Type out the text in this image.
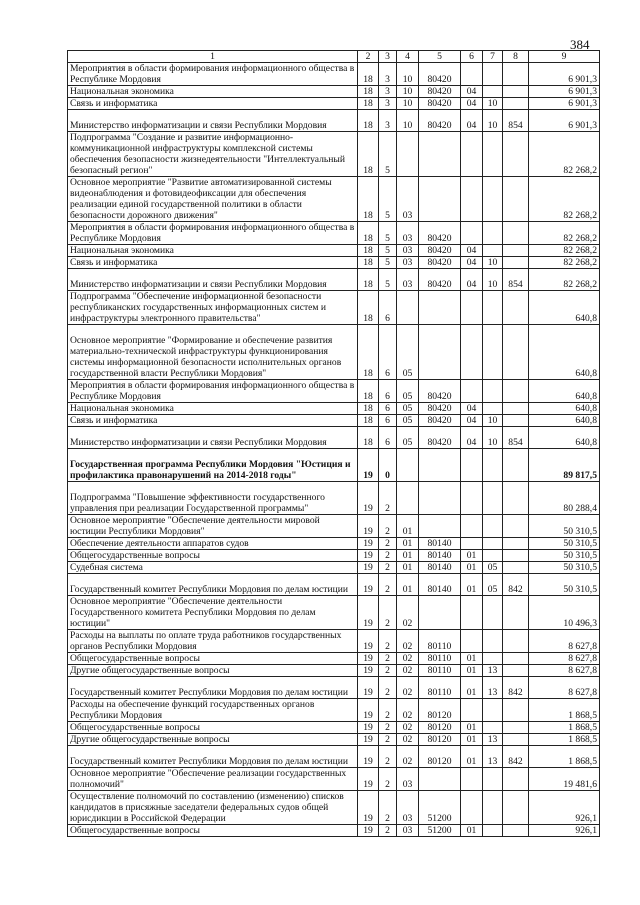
384
1	2	3	4	5	6	7	8	9
Мероприятия в области формирования информационного общества в Республике Мордовия	18	3	10	80420				6 901,3
Национальная экономика	18	3	10	80420	04			6 901,3
Связь и информатика	18	3	10	80420	04	10		6 901,3
Министерство информатизации и связи Республики Мордовия	18	3	10	80420	04	10	854	6 901,3
Подпрограмма "Создание и развитие информационно-коммуникационной инфраструктуры комплексной системы обеспечения безопасности жизнедеятельности "Интеллектуальный безопасный регион"	18	5						82 268,2
Основное мероприятие "Развитие автоматизированной системы видеонаблюдения и фотовидеофиксации для обеспечения реализации единой государственной политики в области безопасности дорожного движения"	18	5	03					82 268,2
Мероприятия в области формирования информационного общества в Республике Мордовия	18	5	03	80420				82 268,2
Национальная экономика	18	5	03	80420	04			82 268,2
Связь и информатика	18	5	03	80420	04	10		82 268,2
Министерство информатизации и связи Республики Мордовия	18	5	03	80420	04	10	854	82 268,2
Подпрограмма "Обеспечение информационной безопасности республиканских государственных информационных систем и инфраструктуры электронного правительства"	18	6						640,8
Основное мероприятие "Формирование и обеспечение развития материально-технической инфраструктуры функционирования системы информационной безопасности исполнительных органов государственной власти Республики Мордовия"	18	6	05					640,8
Мероприятия в области формирования информационного общества в Республике Мордовия	18	6	05	80420				640,8
Национальная экономика	18	6	05	80420	04			640,8
Связь и информатика	18	6	05	80420	04	10		640,8
Министерство информатизации и связи Республики Мордовия	18	6	05	80420	04	10	854	640,8
Государственная программа Республики Мордовия "Юстиция и профилактика правонарушений на 2014-2018 годы"	19	0						89 817,5
Подпрограмма "Повышение эффективности государственного управления при реализации Государственной программы"	19	2						80 288,4
Основное мероприятие "Обеспечение деятельности мировой юстиции Республики Мордовия"	19	2	01					50 310,5
Обеспечение деятельности аппаратов судов	19	2	01	80140				50 310,5
Общегосударственные вопросы	19	2	01	80140	01			50 310,5
Судебная система	19	2	01	80140	01	05		50 310,5
Государственный комитет Республики Мордовия по делам юстиции	19	2	01	80140	01	05	842	50 310,5
Основное мероприятие "Обеспечение деятельности Государственного комитета Республики Мордовия по делам юстиции"	19	2	02					10 496,3
Расходы на выплаты по оплате труда работников государственных органов Республики Мордовия	19	2	02	80110				8 627,8
Общегосударственные вопросы	19	2	02	80110	01			8 627,8
Другие общегосударственные вопросы	19	2	02	80110	01	13		8 627,8
Государственный комитет Республики Мордовия по делам юстиции	19	2	02	80110	01	13	842	8 627,8
Расходы на обеспечение функций государственных органов Республики Мордовия	19	2	02	80120				1 868,5
Общегосударственные вопросы	19	2	02	80120	01			1 868,5
Другие общегосударственные вопросы	19	2	02	80120	01	13		1 868,5
Государственный комитет Республики Мордовия по делам юстиции	19	2	02	80120	01	13	842	1 868,5
Основное мероприятие "Обеспечение реализации государственных полномочий"	19	2	03					19 481,6
Осуществление полномочий по составлению (изменению) списков кандидатов в присяжные заседатели федеральных судов общей юрисдикции в Российской Федерации	19	2	03	51200				926,1
Общегосударственные вопросы	19	2	03	51200	01			926,1
